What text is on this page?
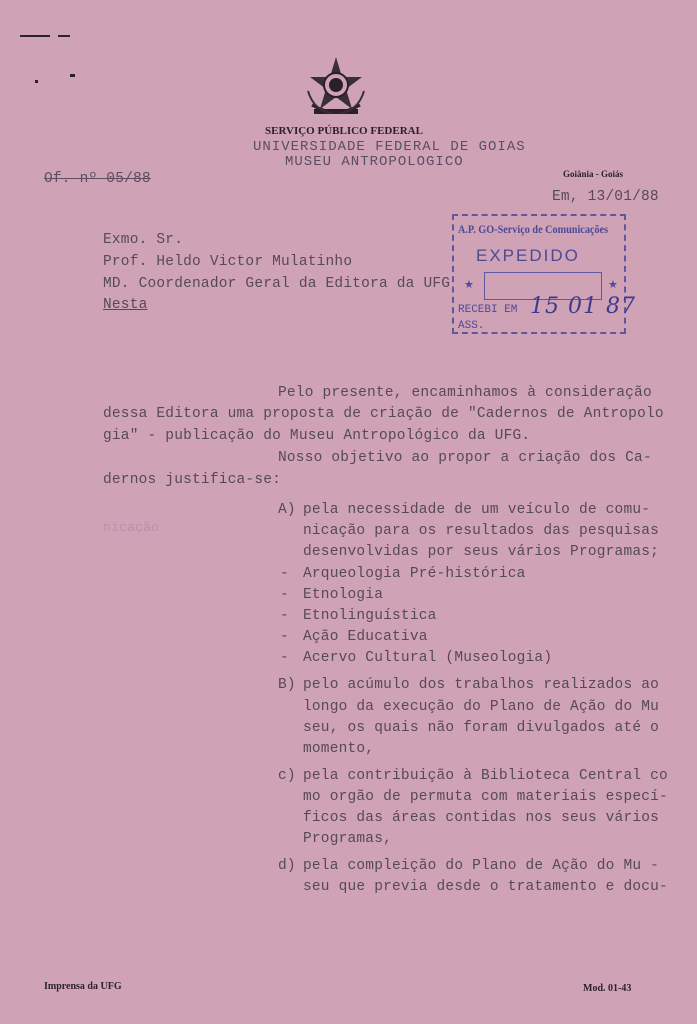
SERVIÇO PÚBLICO FEDERAL
UNIVERSIDADE FEDERAL DE GOIAS
MUSEU ANTROPOLOGICO
Goiânia - Goiás
Of. nº 05/88
Em, 13/01/88
A.P. GO-Serviço de Comunicações
EXPEDIDO
★	★
RECEBI EM 15 01 87
ASS.
Exmo. Sr.
Prof. Heldo Victor Mulatinho
MD. Coordenador Geral da Editora da UFG
Nesta
Pelo presente, encaminhamos à consideração
dessa Editora uma proposta de criação de "Cadernos de Antropolo
gia" - publicação do Museu Antropológico da UFG.
Nosso objetivo ao propor a criação dos Ca-
dernos justifica-se:
nicação
A) pela necessidade de um veículo de comu-
nicação para os resultados das pesquisas
desenvolvidas por seus vários Programas;
- Arqueologia Pré-histórica
- Etnologia
- Etnolinguística
- Ação Educativa
- Acervo Cultural (Museologia)
B) pelo acúmulo dos trabalhos realizados ao
longo da execução do Plano de Ação do Mu
seu, os quais não foram divulgados até o
momento,
c) pela contribuição à Biblioteca Central co
mo orgão de permuta com materiais especí-
ficos das áreas contidas nos seus vários
Programas,
d) pela compleição do Plano de Ação do Mu -
seu que previa desde o tratamento e docu-
Imprensa da UFG	Mod. 01-43
